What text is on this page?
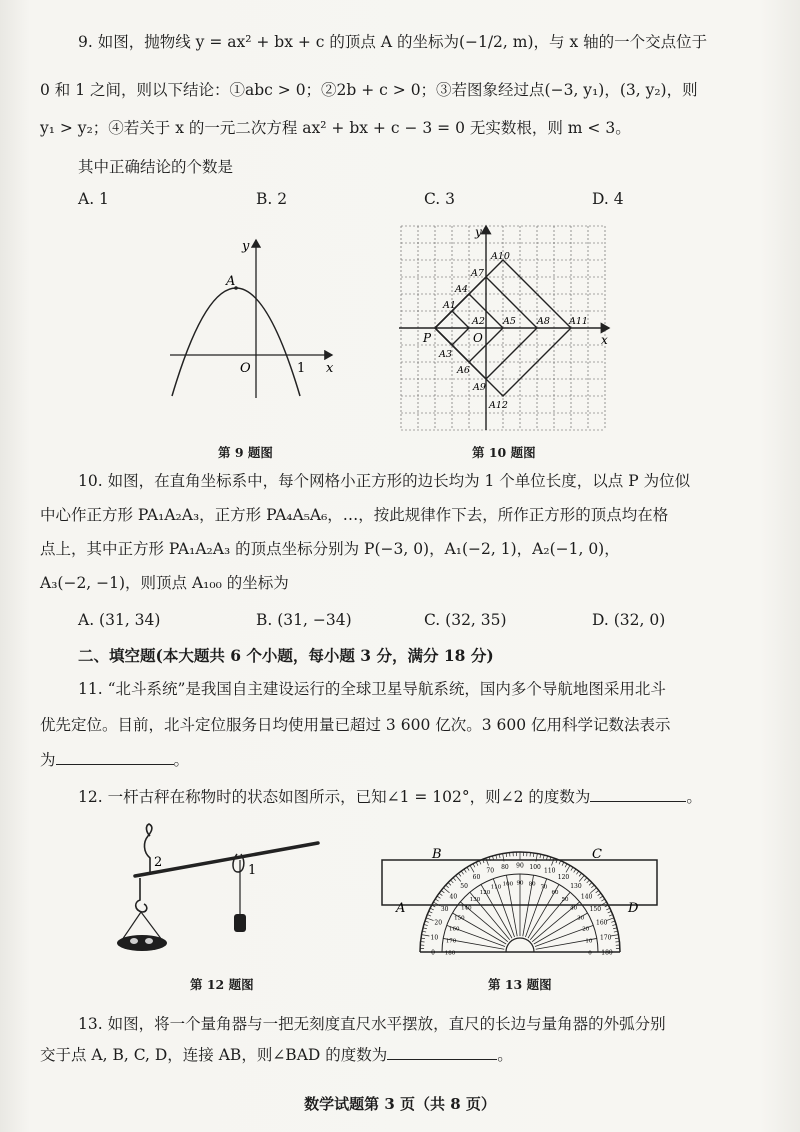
9. 如图，抛物线 y = ax² + bx + c 的顶点 A 的坐标为(−1/2, m)，与 x 轴的一个交点位于
0 和 1 之间，则以下结论：①abc > 0；②2b + c > 0；③若图象经过点(−3, y₁)，(3, y₂)，则
y₁ > y₂；④若关于 x 的一元二次方程 ax² + bx + c − 3 = 0 无实数根，则 m < 3。
其中正确结论的个数是
A. 1	B. 2	C. 3	D. 4
A
y
x
O	1
第 9 题图
y
x
O
P
A1
A2
A3
A4
A5
A6
A7
A8
A9
A10
A11
A12
第 10 题图
10. 如图，在直角坐标系中，每个网格小正方形的边长均为 1 个单位长度，以点 P 为位似
中心作正方形 PA₁A₂A₃，正方形 PA₄A₅A₆，…，按此规律作下去，所作正方形的顶点均在格
点上，其中正方形 PA₁A₂A₃ 的顶点坐标分别为 P(−3, 0)，A₁(−2, 1)，A₂(−1, 0)，
A₃(−2, −1)，则顶点 A₁₀₀ 的坐标为
A. (31, 34)	B. (31, −34)	C. (32, 35)	D. (32, 0)
二、填空题(本大题共 6 个小题，每小题 3 分，满分 18 分)
11. “北斗系统”是我国自主建设运行的全球卫星导航系统，国内多个导航地图采用北斗
优先定位。目前，北斗定位服务日均使用量已超过 3 600 亿次。3 600 亿用科学记数法表示
为	。
12. 一杆古秤在称物时的状态如图所示，已知∠1 = 102°，则∠2 的度数为	。
2
1
第 12 题图
0
10
20
30
40
50
60
70
80 90 100
110
120
130
140
150
160
170
180
180
170
160
150
140
130
120
110
100 90 80
70
60
50
40
30
20
10
0
B	C
A	D
第 13 题图
13. 如图，将一个量角器与一把无刻度直尺水平摆放，直尺的长边与量角器的外弧分别
交于点 A, B, C, D，连接 AB，则∠BAD 的度数为	。
数学试题第 3 页（共 8 页）
